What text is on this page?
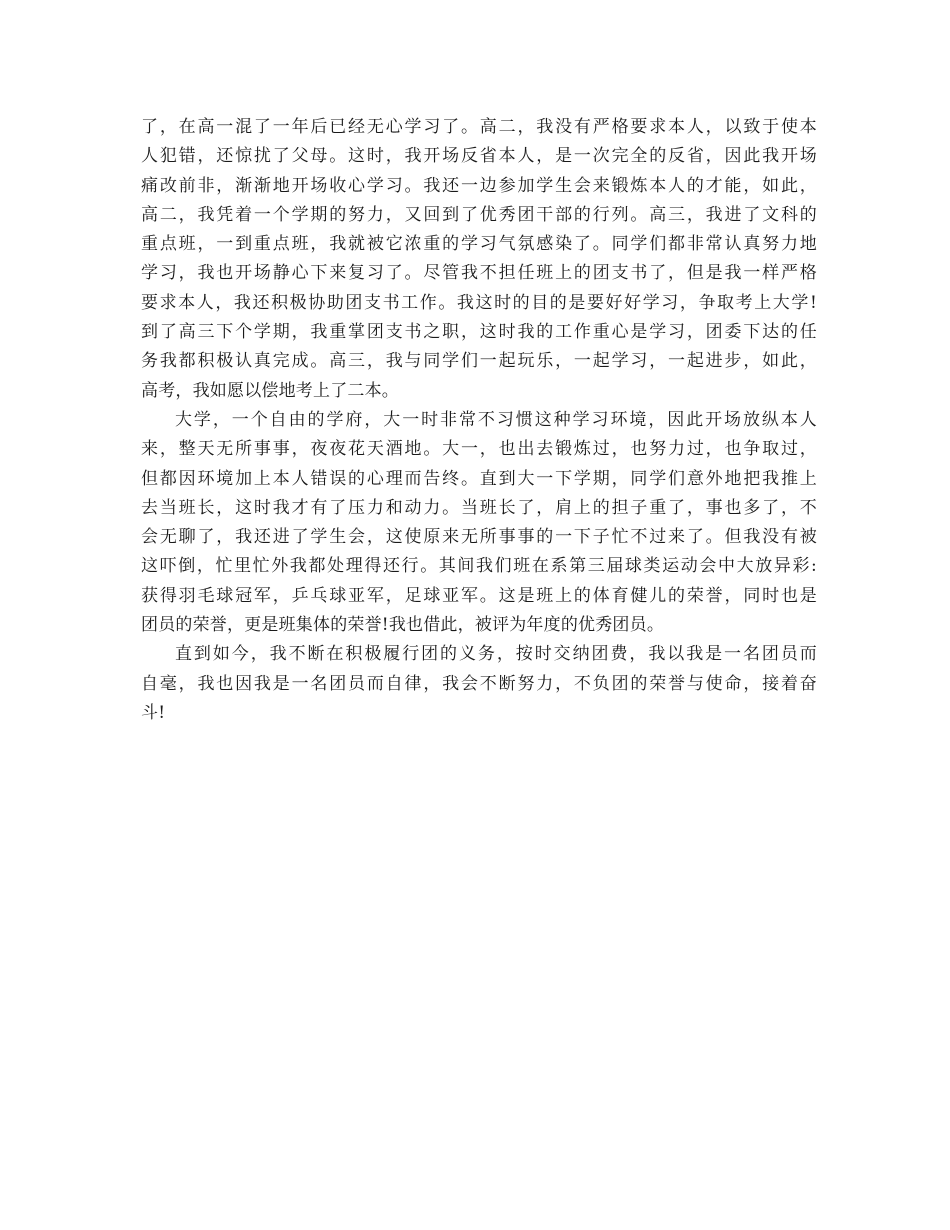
了，在高一混了一年后已经无心学习了。高二，我没有严格要求本人，以致于使本
人犯错，还惊扰了父母。这时，我开场反省本人，是一次完全的反省，因此我开场
痛改前非，渐渐地开场收心学习。我还一边参加学生会来锻炼本人的才能，如此，
高二，我凭着一个学期的努力，又回到了优秀团干部的行列。高三，我进了文科的
重点班，一到重点班，我就被它浓重的学习气氛感染了。同学们都非常认真努力地
学习，我也开场静心下来复习了。尽管我不担任班上的团支书了，但是我一样严格
要求本人，我还积极协助团支书工作。我这时的目的是要好好学习，争取考上大学!
到了高三下个学期，我重掌团支书之职，这时我的工作重心是学习，团委下达的任
务我都积极认真完成。高三，我与同学们一起玩乐，一起学习，一起进步，如此，
高考，我如愿以偿地考上了二本。
大学，一个自由的学府，大一时非常不习惯这种学习环境，因此开场放纵本人
来，整天无所事事，夜夜花天酒地。大一，也出去锻炼过，也努力过，也争取过，
但都因环境加上本人错误的心理而告终。直到大一下学期，同学们意外地把我推上
去当班长，这时我才有了压力和动力。当班长了，肩上的担子重了，事也多了，不
会无聊了，我还进了学生会，这使原来无所事事的一下子忙不过来了。但我没有被
这吓倒，忙里忙外我都处理得还行。其间我们班在系第三届球类运动会中大放异彩:
获得羽毛球冠军，乒乓球亚军，足球亚军。这是班上的体育健儿的荣誉，同时也是
团员的荣誉，更是班集体的荣誉!我也借此，被评为年度的优秀团员。
直到如今，我不断在积极履行团的义务，按时交纳团费，我以我是一名团员而
自毫，我也因我是一名团员而自律，我会不断努力，不负团的荣誉与使命，接着奋
斗!
